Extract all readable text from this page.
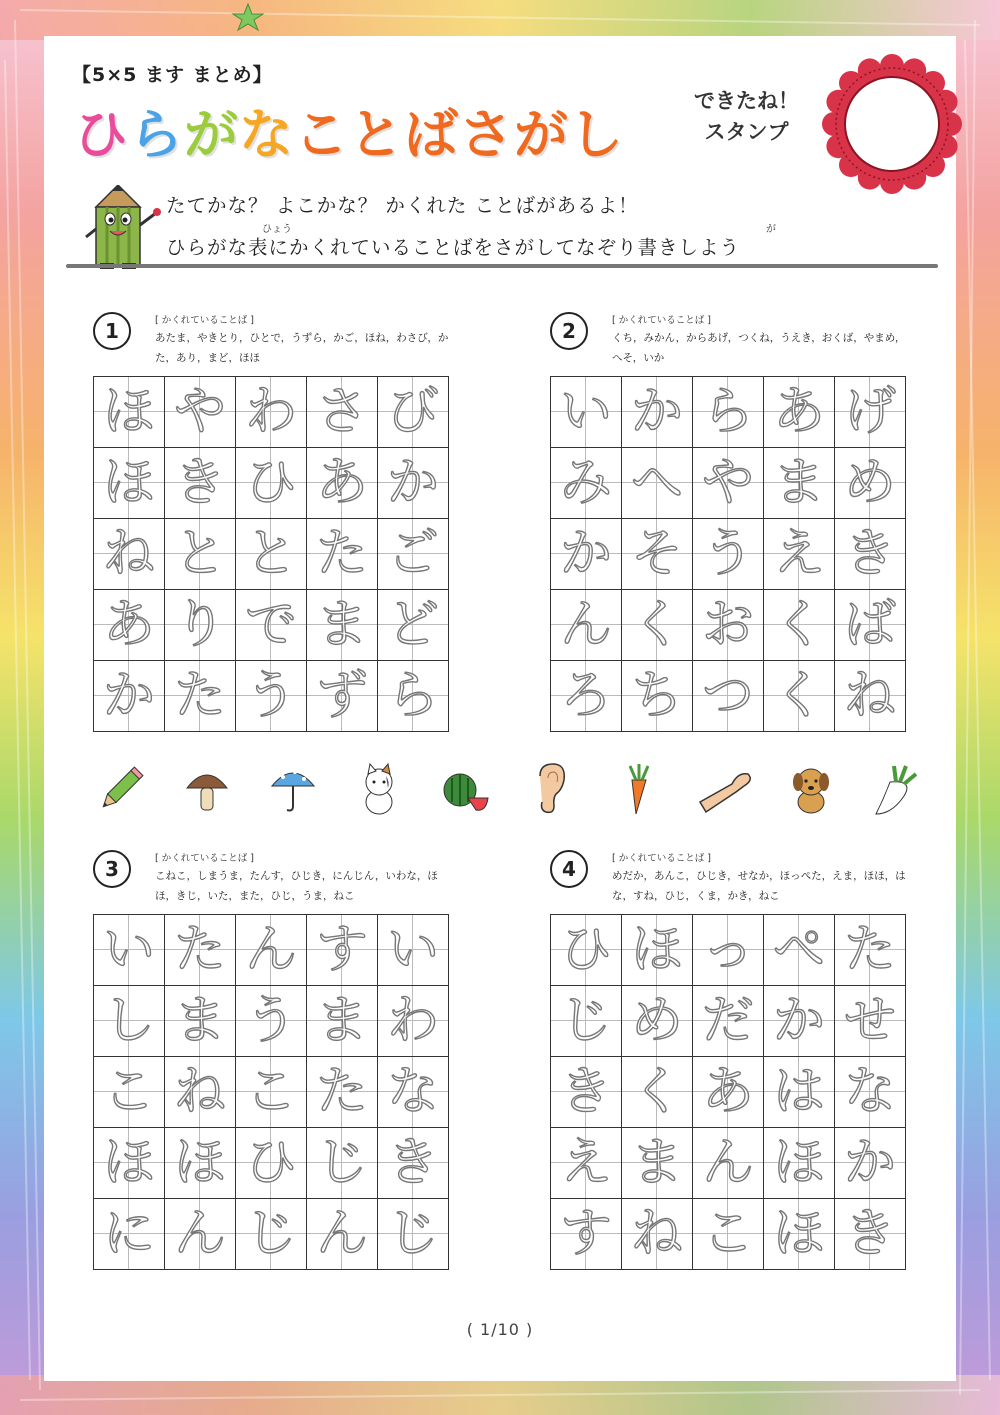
【5×5 ます まとめ】
ひらがなことばさがし
できたね！
スタンプ
たてかな？ よこかな？ かくれた ことばがあるよ！
ひょう	が
ひらがな表にかくれていることばをさがしてなぞり書きしよう
1	[ かくれていることば ]
あたま，やきとり，ひとで，うずら，かご，ほね，わさび，かた，あり，まど，ほほ
ほ	や	わ	さ	び

ほ	き	ひ	あ	か

ね	と	と	た	ご

あ	り	で	ま	ど

か	た	う	ず	ら
2	[ かくれていることば ]
くち，みかん，からあげ，つくね，うえき，おくば，やまめ，へそ，いか
い	か	ら	あ	げ

み	へ	や	ま	め

か	そ	う	え	き

ん	く	お	く	ば

ろ	ち	つ	く	ね
3	[ かくれていることば ]
こねこ，しまうま，たんす，ひじき，にんじん，いわな，ほほ，きじ，いた，また，ひじ，うま，ねこ
い	た	ん	す	い

し	ま	う	ま	わ

こ	ね	こ	た	な

ほ	ほ	ひ	じ	き

に	ん	じ	ん	じ
4	[ かくれていることば ]
めだか，あんこ，ひじき，せなか，ほっぺた，えま，ほほ，はな，すね，ひじ，くま，かき，ねこ
ひ	ほ	っ	ぺ	た

じ	め	だ	か	せ

き	く	あ	は	な

え	ま	ん	ほ	か

す	ね	こ	ほ	き
( 1/10 )
